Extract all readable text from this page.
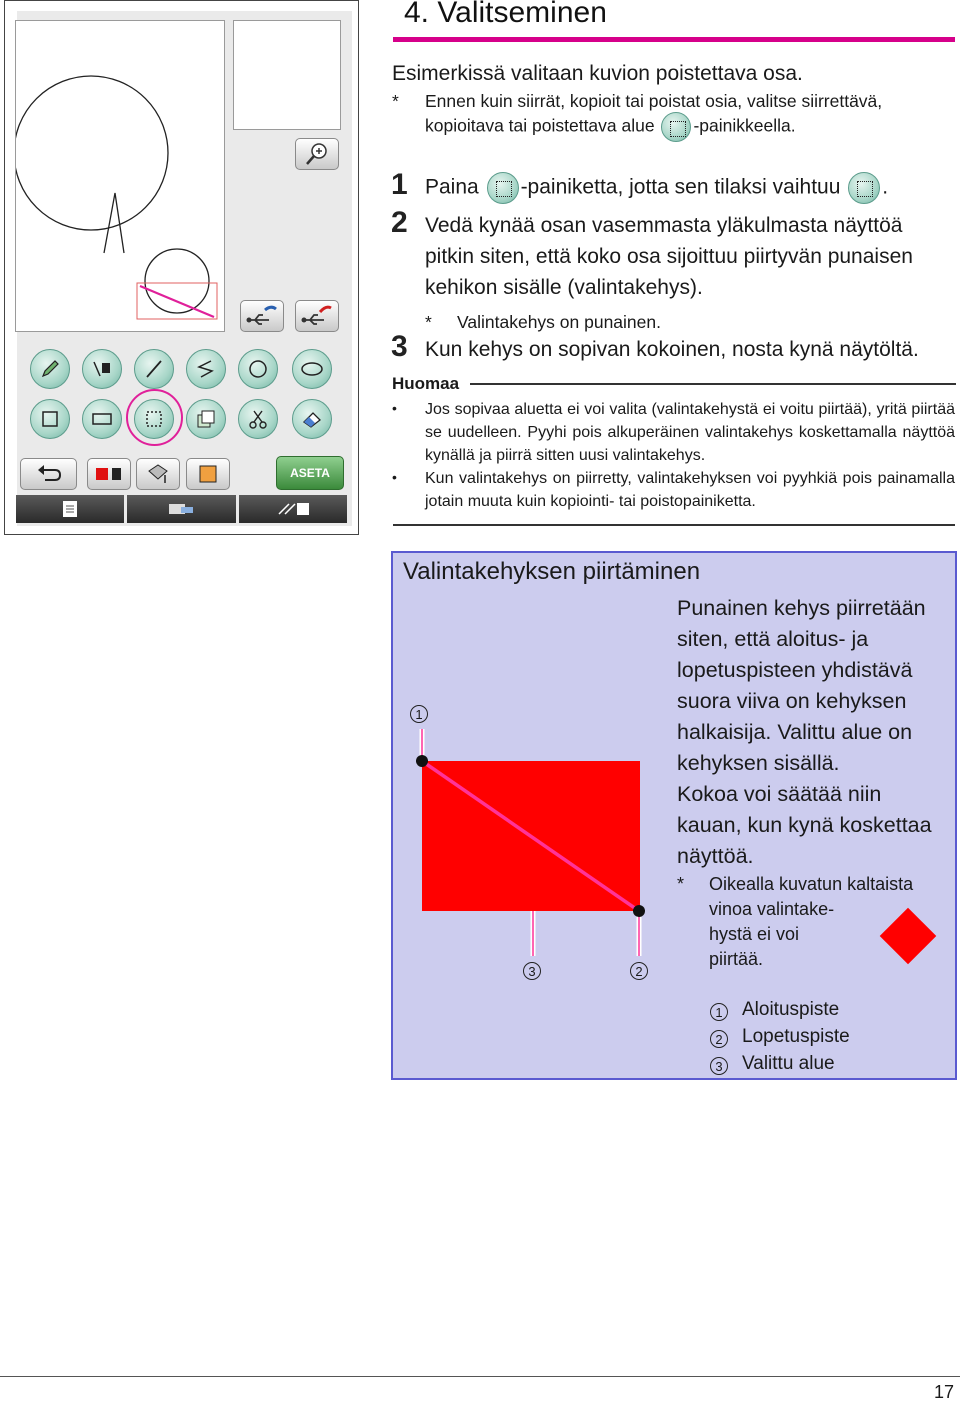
ASETA
4. Valitseminen
Esimerkissä valitaan kuvion poistettava osa.
* Ennen kuin siirrät, kopioit tai poistat osia, valitse siirrettävä,
kopioitava tai poistettava alue -painikkeella.
1 Paina -painiketta, jotta sen tilaksi vaihtuu .
2 Vedä kynää osan vasemmasta yläkulmasta näyttöä
pitkin siten, että koko osa sijoittuu piirtyvän punaisen
kehikon sisälle (valintakehys).
* Valintakehys on punainen.
3 Kun kehys on sopivan kokoinen, nosta kynä näytöltä.
Huomaa
• Jos sopivaa aluetta ei voi valita (valintakehystä ei voitu piirtää), yritä piirtää se uudelleen. Pyyhi pois alkuperäinen valintakehys koskettamalla näyttöä kynällä ja piirrä sitten uusi valintakehys.
• Kun valintakehys on piirretty, valintakehyksen voi pyyhkiä pois painamalla jotain muuta kuin kopiointi- tai poistopainiketta.
Valintakehyksen piirtäminen
1
3	2
Punainen kehys piirretään
siten, että aloitus- ja
lopetuspisteen yhdistävä
suora viiva on kehyksen
halkaisija. Valittu alue on
kehyksen sisällä.
Kokoa voi säätää niin
kauan, kun kynä koskettaa
näyttöä.
* Oikealla kuvatun kaltaista
vinoa valintake-
hystä ei voi
piirtää.
1 Aloituspiste
2 Lopetuspiste
3 Valittu alue
17
